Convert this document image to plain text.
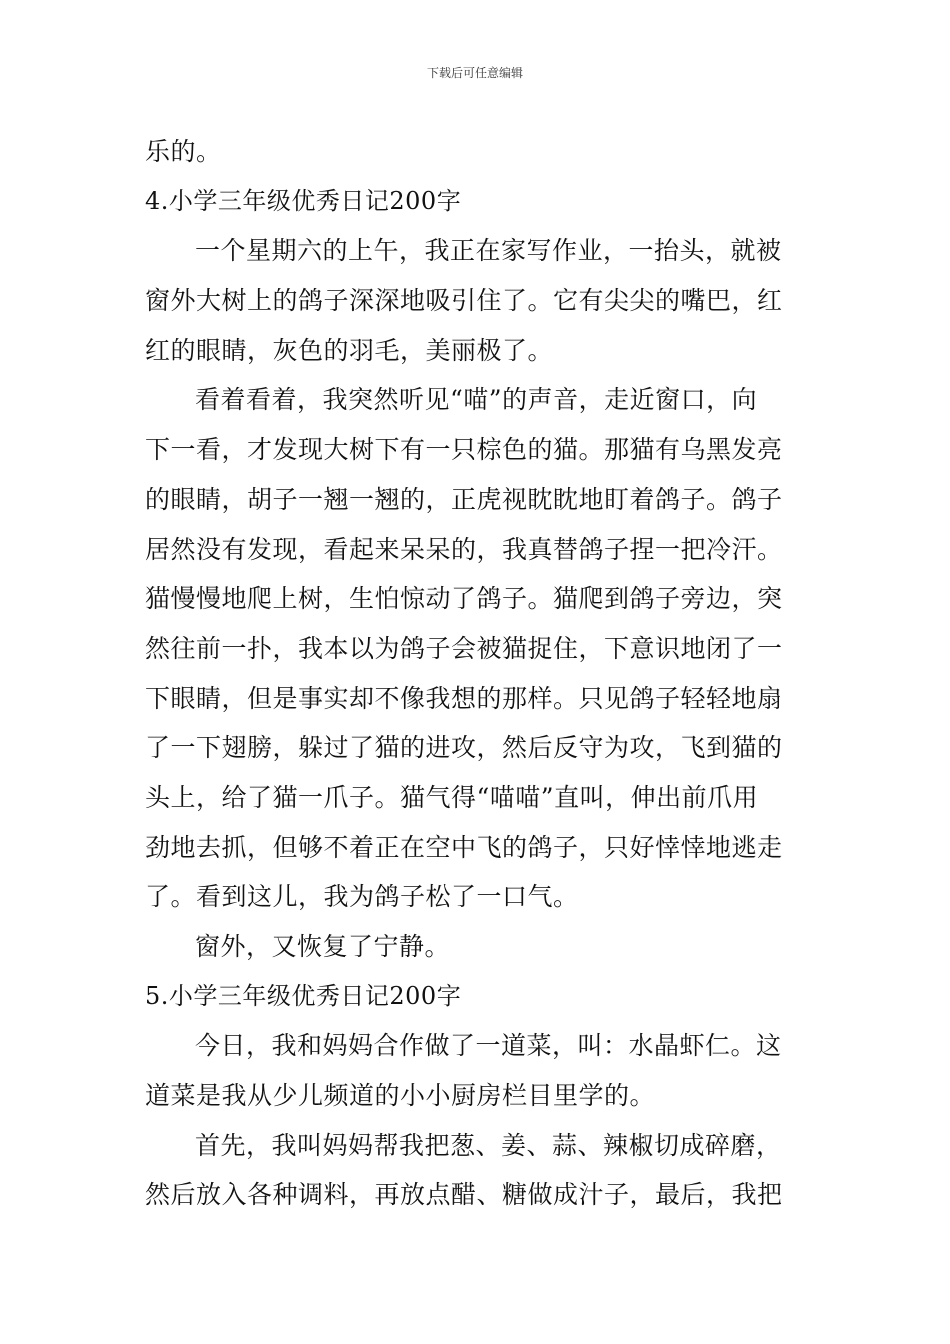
下载后可任意编辑
乐的。
4.小学三年级优秀日记200字
一个星期六的上午，我正在家写作业，一抬头，就被
窗外大树上的鸽子深深地吸引住了。它有尖尖的嘴巴，红
红的眼睛，灰色的羽毛，美丽极了。
看着看着，我突然听见“喵”的声音，走近窗口，向
下一看，才发现大树下有一只棕色的猫。那猫有乌黑发亮
的眼睛，胡子一翘一翘的，正虎视眈眈地盯着鸽子。鸽子
居然没有发现，看起来呆呆的，我真替鸽子捏一把冷汗。
猫慢慢地爬上树，生怕惊动了鸽子。猫爬到鸽子旁边，突
然往前一扑，我本以为鸽子会被猫捉住，下意识地闭了一
下眼睛，但是事实却不像我想的那样。只见鸽子轻轻地扇
了一下翅膀，躲过了猫的进攻，然后反守为攻，飞到猫的
头上，给了猫一爪子。猫气得“喵喵”直叫，伸出前爪用
劲地去抓，但够不着正在空中飞的鸽子，只好悻悻地逃走
了。看到这儿，我为鸽子松了一口气。
窗外，又恢复了宁静。
5.小学三年级优秀日记200字
今日，我和妈妈合作做了一道菜，叫：水晶虾仁。这
道菜是我从少儿频道的小小厨房栏目里学的。
首先，我叫妈妈帮我把葱、姜、蒜、辣椒切成碎磨，
然后放入各种调料，再放点醋、糖做成汁子，最后，我把
